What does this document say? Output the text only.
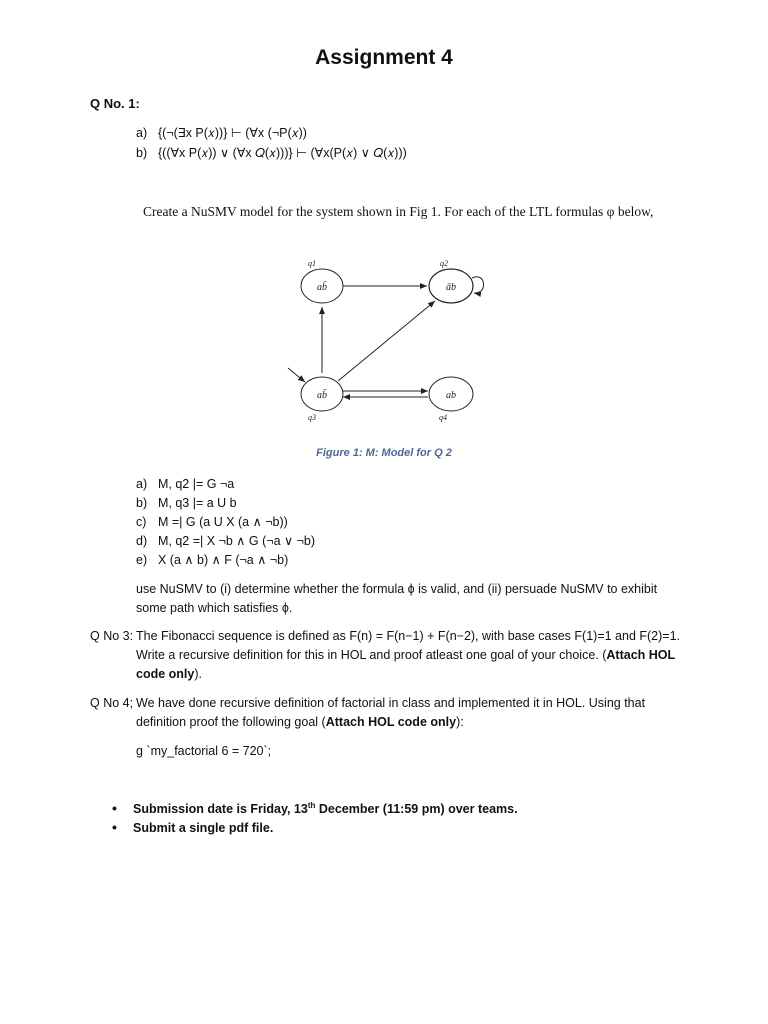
Assignment 4
Q No. 1:
a) {(¬(∃x P(𝑥))} ⊢ (∀x (¬P(𝑥))
b) {((∀x P(𝑥)) ∨ (∀x 𝑄(𝑥)))} ⊢ (∀x(P(𝑥) ∨ 𝑄(𝑥)))
Create a NuSMV model for the system shown in Fig 1. For each of the LTL formulas φ below,
ab̄	āb
ab̄	ab
q1	q2
q3	q4
Figure 1: M: Model for Q 2
a) M, q2 |= G ¬a
b) M, q3 |= a U b
c) M =| G (a U X (a ∧ ¬b))
d) M, q2 =| X ¬b ∧ G (¬a ∨ ¬b)
e) X (a ∧ b) ∧ F (¬a ∧ ¬b)
use NuSMV to (i) determine whether the formula ϕ is valid, and (ii) persuade NuSMV to exhibit
some path which satisfies ϕ.
Q No 3: The Fibonacci sequence is defined as F(n) = F(n−1) + F(n−2), with base cases F(1)=1 and F(2)=1.
Write a recursive definition for this in HOL and proof atleast one goal of your choice. (Attach HOL
code only).
Q No 4; We have done recursive definition of factorial in class and implemented it in HOL. Using that
definition proof the following goal (Attach HOL code only):
g `my_factorial 6 = 720`;
• Submission date is Friday, 13th December (11:59 pm) over teams.
• Submit a single pdf file.
